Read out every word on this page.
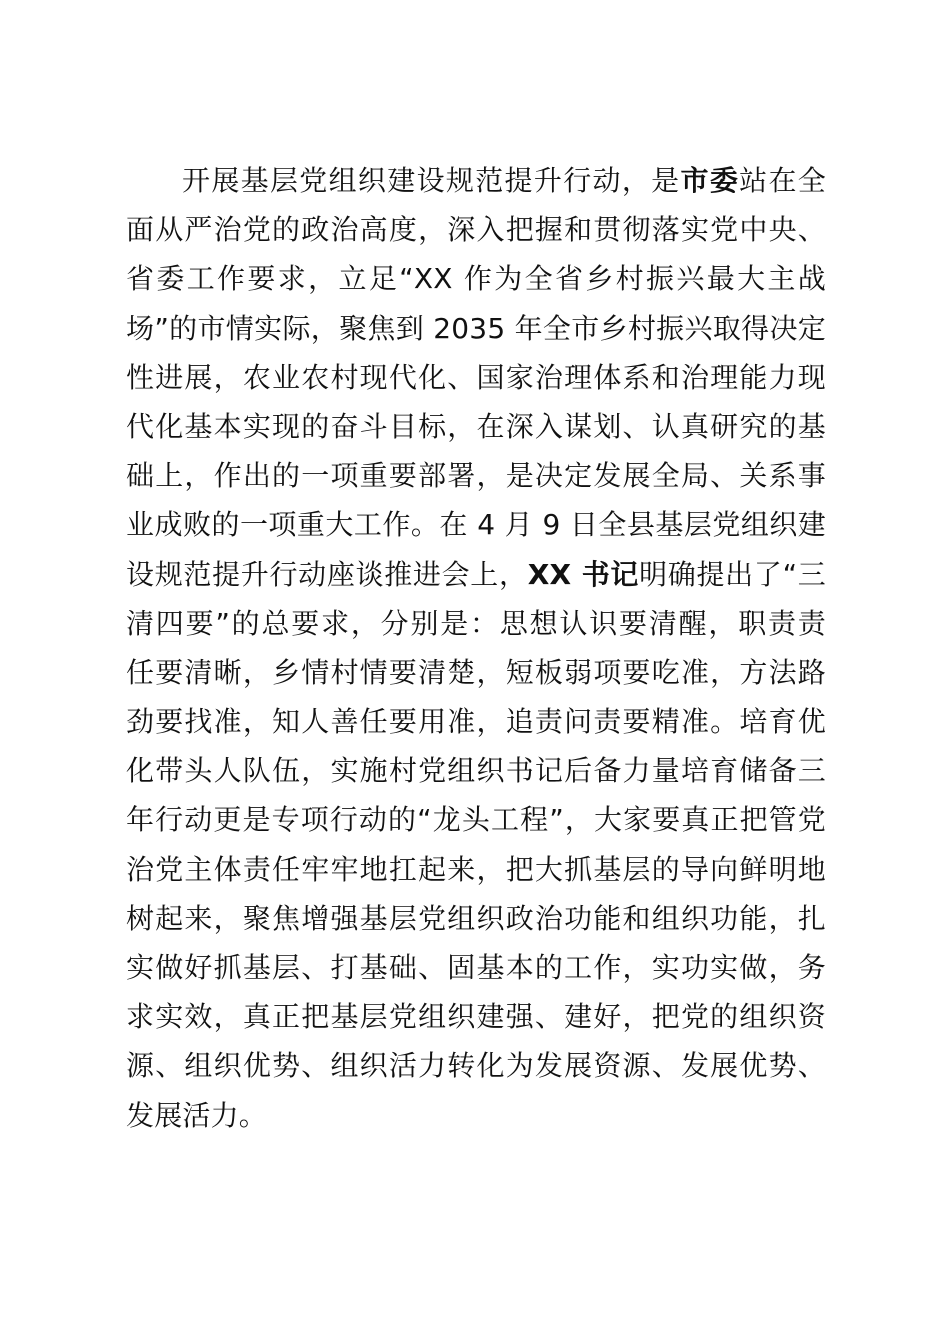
开展基层党组织建设规范提升行动，是市委站在全
面从严治党的政治高度，深入把握和贯彻落实党中央、
省委工作要求，立足“XX 作为全省乡村振兴最大主战
场”的市情实际，聚焦到 2035 年全市乡村振兴取得决定
性进展，农业农村现代化、国家治理体系和治理能力现
代化基本实现的奋斗目标，在深入谋划、认真研究的基
础上，作出的一项重要部署，是决定发展全局、关系事
业成败的一项重大工作。在 4 月 9 日全县基层党组织建
设规范提升行动座谈推进会上，XX 书记明确提出了“三
清四要”的总要求，分别是：思想认识要清醒，职责责
任要清晰，乡情村情要清楚，短板弱项要吃准，方法路
劲要找准，知人善任要用准，追责问责要精准。培育优
化带头人队伍，实施村党组织书记后备力量培育储备三
年行动更是专项行动的“龙头工程”，大家要真正把管党
治党主体责任牢牢地扛起来，把大抓基层的导向鲜明地
树起来，聚焦增强基层党组织政治功能和组织功能，扎
实做好抓基层、打基础、固基本的工作，实功实做，务
求实效，真正把基层党组织建强、建好，把党的组织资
源、组织优势、组织活力转化为发展资源、发展优势、
发展活力。
